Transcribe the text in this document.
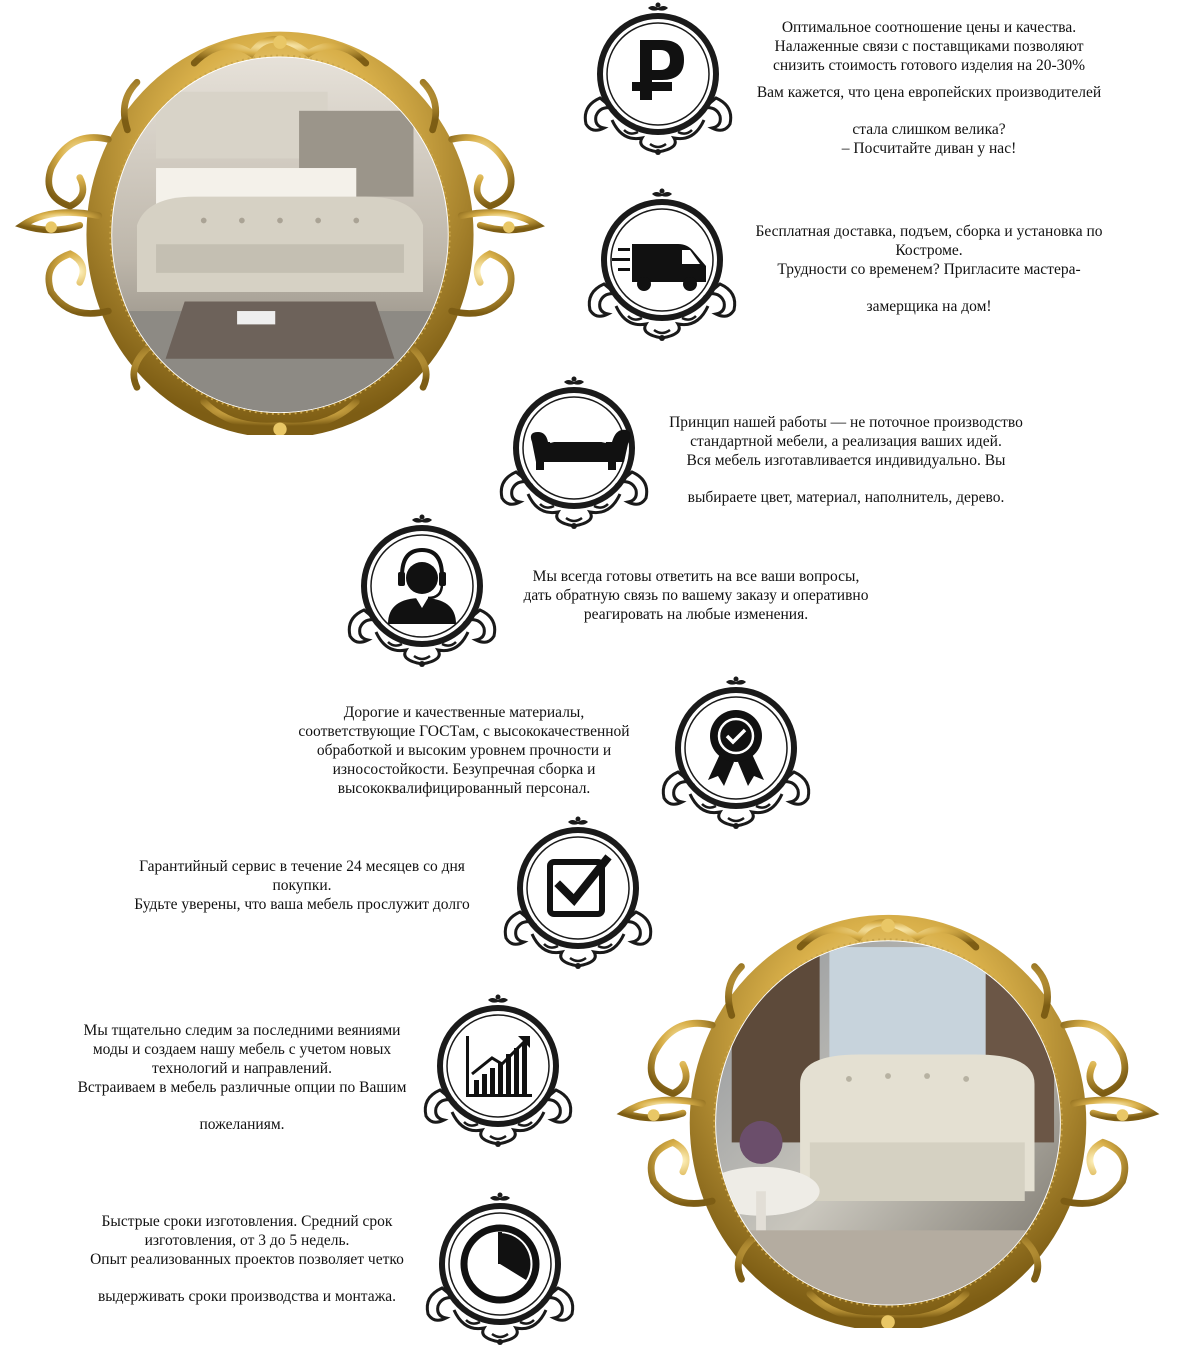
Оптимальное соотношение цены и качества.

Налаженные связи с поставщиками позволяют

снизить стоимость готового изделия на 20-30%

Вам кажется, что цена европейских производителей

стала слишком велика?

– Посчитайте диван у нас!

Бесплатная доставка, подъем, сборка и установка по

Костроме.

Трудности со временем? Пригласите мастера-

замерщика на дом!

Принцип нашей работы — не поточное производство

стандартной мебели, а реализация ваших идей.

Вся мебель изготавливается индивидуально. Вы

выбираете цвет, материал, наполнитель, дерево.

Мы всегда готовы ответить на все ваши вопросы,

дать обратную связь по вашему заказу и оперативно

реагировать на любые изменения.

Дорогие и качественные материалы,

соответствующие ГОСТам, с высококачественной

обработкой и высоким уровнем прочности и

износостойкости. Безупречная сборка и

высококвалифицированный персонал.

Гарантийный сервис в течение 24 месяцев со дня

покупки.

Будьте уверены, что ваша мебель прослужит долго

Мы тщательно следим за последними веяниями

моды и создаем нашу мебель с учетом новых

технологий и направлений.

Встраиваем в мебель различные опции по Вашим

пожеланиям.

Быстрые сроки изготовления. Средний срок

изготовления, от 3 до 5 недель.

Опыт реализованных проектов позволяет четко

выдерживать сроки производства и монтажа.
